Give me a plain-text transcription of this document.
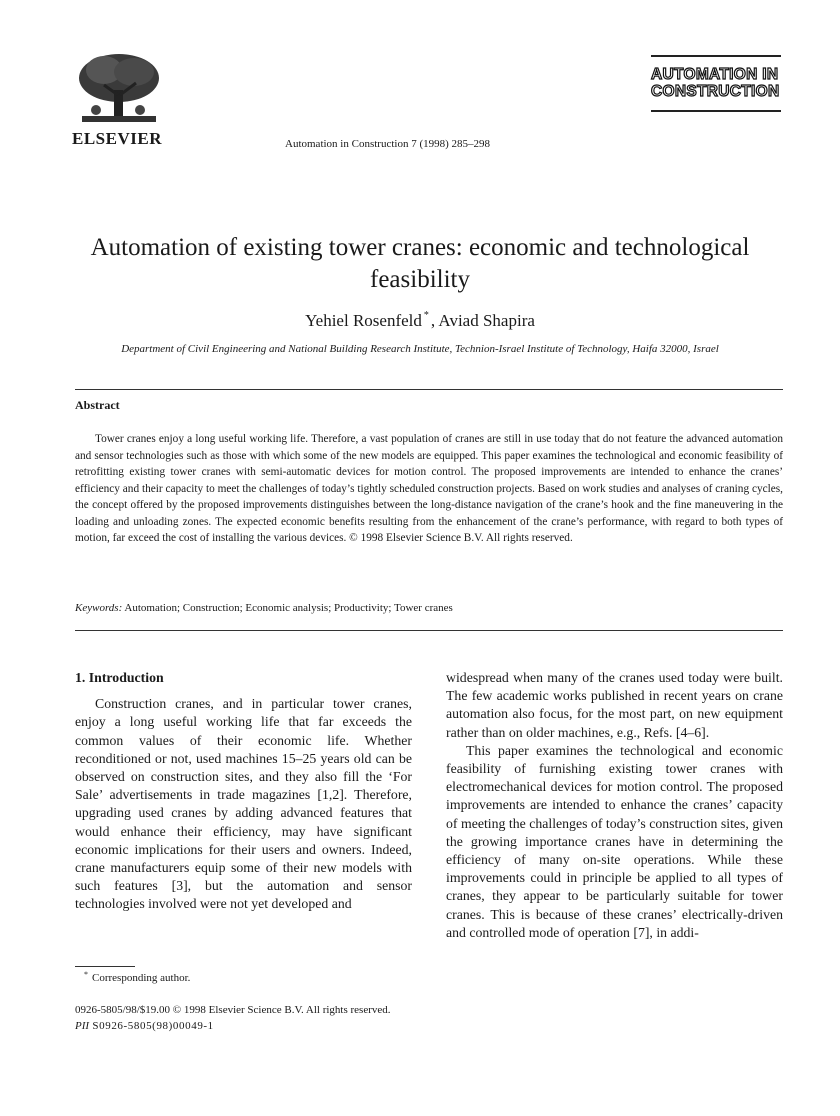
ELSEVIER	Automation in Construction 7 (1998) 285–298
AUTOMATION IN
CONSTRUCTION
Automation of existing tower cranes: economic and technological feasibility
Yehiel Rosenfeld * , Aviad Shapira
Department of Civil Engineering and National Building Research Institute, Technion-Israel Institute of Technology, Haifa 32000, Israel
Abstract
Tower cranes enjoy a long useful working life. Therefore, a vast population of cranes are still in use today that do not feature the advanced automation and sensor technologies such as those with which some of the new models are equipped. This paper examines the technological and economic feasibility of retrofitting existing tower cranes with semi-automatic devices for motion control. The proposed improvements are intended to enhance the cranes’ efficiency and their capacity to meet the challenges of today’s tightly scheduled construction projects. Based on work studies and analyses of craning cycles, the concept offered by the proposed improvements distinguishes between the long-distance navigation of the crane’s hook and the fine maneuvering in the loading and unloading zones. The expected economic benefits resulting from the enhancement of the crane’s performance, with regard to both types of motion, far exceed the cost of installing the various devices. © 1998 Elsevier Science B.V. All rights reserved.
Keywords: Automation; Construction; Economic analysis; Productivity; Tower cranes
1. Introduction

Construction cranes, and in particular tower cranes, enjoy a long useful working life that far exceeds the common values of their economic life. Whether reconditioned or not, used machines 15–25 years old can be observed on construction sites, and they also fill the ‘For Sale’ advertisements in trade magazines [1,2]. Therefore, upgrading used cranes by adding advanced features that would enhance their efficiency, may have significant economic implications for their users and owners. Indeed, crane manufacturers equip some of their new models with such features [3], but the automation and sensor technologies involved were not yet developed and

widespread when many of the cranes used today were built. The few academic works published in recent years on crane automation also focus, for the most part, on new equipment rather than on older machines, e.g., Refs. [4–6].

This paper examines the technological and economic feasibility of furnishing existing tower cranes with electromechanical devices for motion control. The proposed improvements are intended to enhance the cranes’ capacity of meeting the challenges of today’s construction sites, given the growing importance cranes have in determining the efficiency of many on-site operations. While these improvements could in principle be applied to all types of cranes, they appear to be particularly suitable for tower cranes. This is because of these cranes’ electrically-driven and controlled mode of operation [7], in addi-

* Corresponding author.
0926-5805/98/$19.00 © 1998 Elsevier Science B.V. All rights reserved.
PII S0926-5805(98)00049-1
